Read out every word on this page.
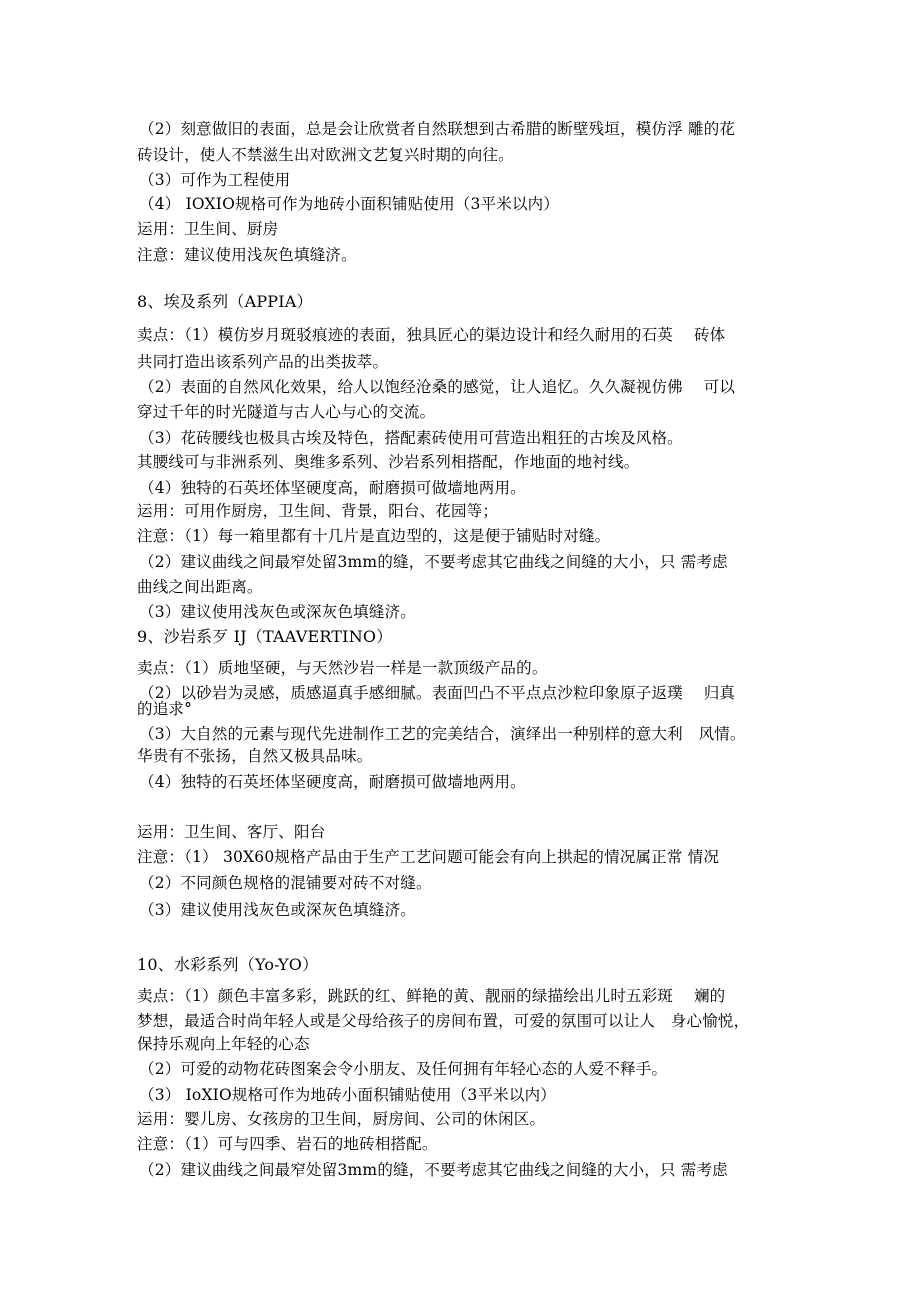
（2）刻意做旧的表面，总是会让欣赏者自然联想到古希腊的断壁残垣，模仿浮 雕的花
砖设计，使人不禁滋生出对欧洲文艺复兴时期的向往。
（3）可作为工程使用
（4） IOXIO规格可作为地砖小面积铺贴使用（3平米以内）
运用：卫生间、厨房
注意：建议使用浅灰色填缝济。
8、埃及系列（APPIA）
卖点：（1）模仿岁月斑驳痕迹的表面，独具匠心的渠边设计和经久耐用的石英　 砖体
共同打造出该系列产品的出类拔萃。
（2）表面的自然风化效果，给人以饱经沧桑的感觉，让人追忆。久久凝视仿佛　 可以
穿过千年的时光隧道与古人心与心的交流。
（3）花砖腰线也极具古埃及特色，搭配素砖使用可营造出粗狂的古埃及风格。
其腰线可与非洲系列、奥维多系列、沙岩系列相搭配，作地面的地衬线。
（4）独特的石英坯体坚硬度高，耐磨损可做墙地两用。
运用：可用作厨房，卫生间、背景，阳台、花园等；
注意：（1）每一箱里都有十几片是直边型的，这是便于铺贴时对缝。
（2）建议曲线之间最窄处留3mm的缝，不要考虑其它曲线之间缝的大小，只 需考虑
曲线之间出距离。
（3）建议使用浅灰色或深灰色填缝济。
9、沙岩系歹 IJ（TAAVERTINO）
卖点：（1）质地坚硬，与天然沙岩一样是一款顶级产品的。
（2）以砂岩为灵感，质感逼真手感细腻。表面凹凸不平点点沙粒印象原子返璞　 归真
的追求°
（3）大自然的元素与现代先进制作工艺的完美结合，演绎出一种别样的意大利　风情。
华贵有不张扬，自然又极具品味。
（4）独特的石英坯体坚硬度高，耐磨损可做墙地两用。
运用：卫生间、客厅、阳台
注意：（1） 30X60规格产品由于生产工艺问题可能会有向上拱起的情况属正常 情况
（2）不同颜色规格的混铺要对砖不对缝。
（3）建议使用浅灰色或深灰色填缝济。
10、水彩系列（Yo-YO）
卖点：（1）颜色丰富多彩，跳跃的红、鲜艳的黄、靓丽的绿描绘出儿时五彩斑　 斓的
梦想，最适合时尚年轻人或是父母给孩子的房间布置，可爱的氛围可以让人　身心愉悦，
保持乐观向上年轻的心态
（2）可爱的动物花砖图案会令小朋友、及任何拥有年轻心态的人爱不释手。
（3） IoXIO规格可作为地砖小面积铺贴使用（3平米以内）
运用：婴儿房、女孩房的卫生间，厨房间、公司的休闲区。
注意：（1）可与四季、岩石的地砖相搭配。
（2）建议曲线之间最窄处留3mm的缝，不要考虑其它曲线之间缝的大小，只 需考虑
